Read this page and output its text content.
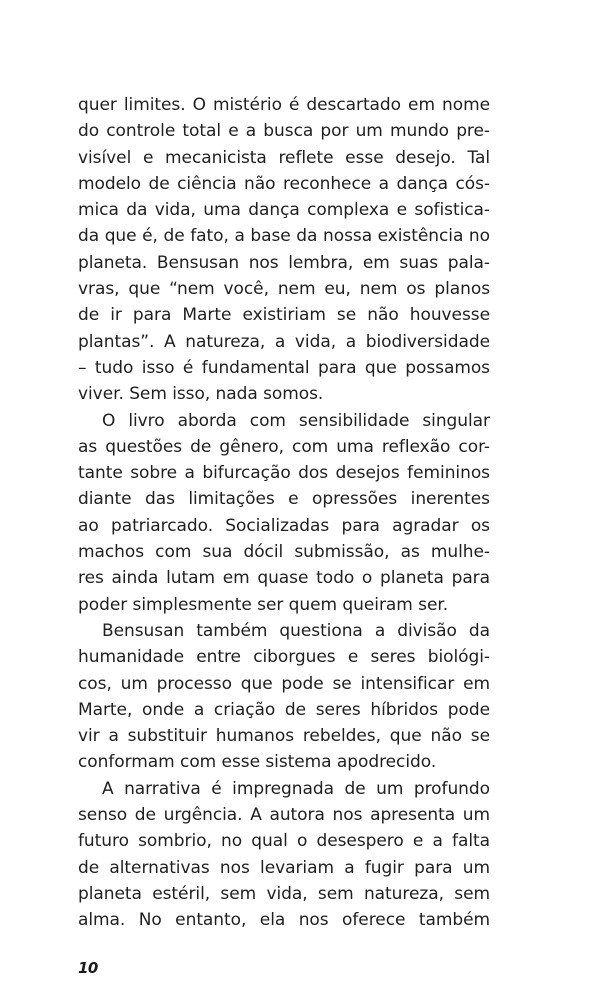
quer limites. O mistério é descartado em nome
do controle total e a busca por um mundo pre-
visível e mecanicista reflete esse desejo. Tal
modelo de ciência não reconhece a dança cós-
mica da vida, uma dança complexa e sofistica-
da que é, de fato, a base da nossa existência no
planeta. Bensusan nos lembra, em suas pala-
vras, que “nem você, nem eu, nem os planos
de ir para Marte existiriam se não houvesse
plantas”. A natureza, a vida, a biodiversidade
– tudo isso é fundamental para que possamos
viver. Sem isso, nada somos.
O livro aborda com sensibilidade singular
as questões de gênero, com uma reflexão cor-
tante sobre a bifurcação dos desejos femininos
diante das limitações e opressões inerentes
ao patriarcado. Socializadas para agradar os
machos com sua dócil submissão, as mulhe-
res ainda lutam em quase todo o planeta para
poder simplesmente ser quem queiram ser.
Bensusan também questiona a divisão da
humanidade entre ciborgues e seres biológi-
cos, um processo que pode se intensificar em
Marte, onde a criação de seres híbridos pode
vir a substituir humanos rebeldes, que não se
conformam com esse sistema apodrecido.
A narrativa é impregnada de um profundo
senso de urgência. A autora nos apresenta um
futuro sombrio, no qual o desespero e a falta
de alternativas nos levariam a fugir para um
planeta estéril, sem vida, sem natureza, sem
alma. No entanto, ela nos oferece também
10
